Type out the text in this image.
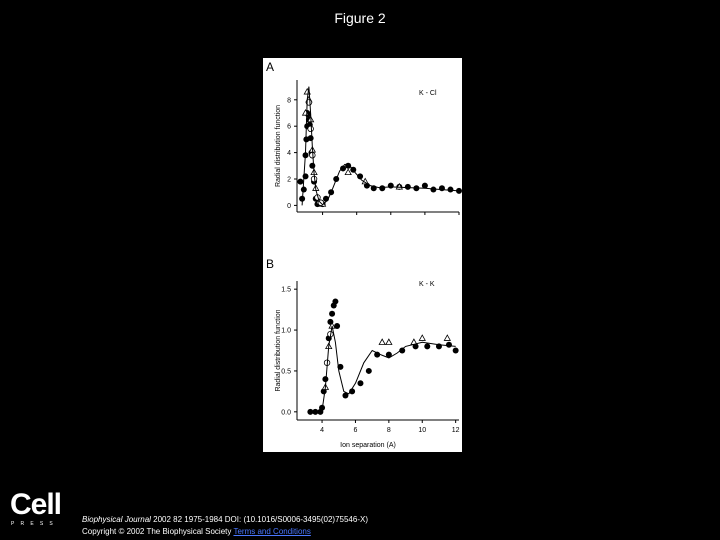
Figure 2
0
2
4
6
8
A
K - Cl
Radial distribution function
0.0
0.5
1.0
1.5
4	6	8	10	12
B
K - K
Radial distribution function
Ion separation (A)
Cell
PRESS	Biophysical Journal 2002 82 1975-1984 DOI: (10.1016/S0006-3495(02)75546-X)
Copyright © 2002 The Biophysical Society Terms and Conditions
